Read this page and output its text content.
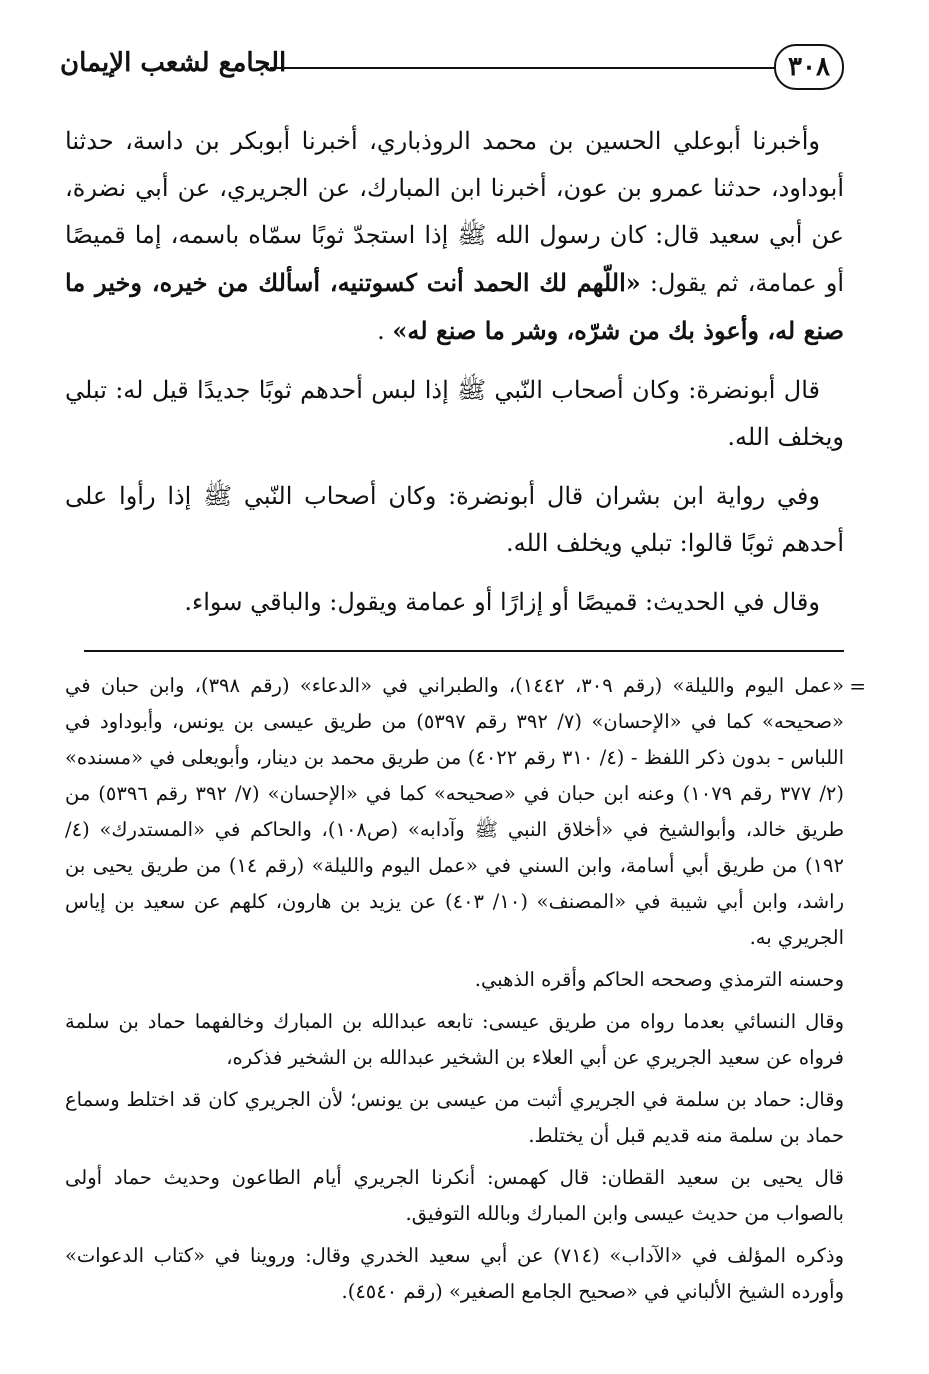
٣٠٨
الجامع لشعب الإيمان

وأخبرنا أبوعلي الحسين بن محمد الروذباري، أخبرنا أبوبكر بن داسة، حدثنا أبوداود، حدثنا عمرو بن عون، أخبرنا ابن المبارك، عن الجريري، عن أبي نضرة، عن أبي سعيد قال: كان رسول الله ﷺ إذا استجدّ ثوبًا سمّاه باسمه، إما قميصًا أو عمامة، ثم يقول: «اللّهم لك الحمد أنت كسوتنيه، أسألك من خيره، وخير ما صنع له، وأعوذ بك من شرّه، وشر ما صنع له» .

قال أبونضرة: وكان أصحاب النّبي ﷺ إذا لبس أحدهم ثوبًا جديدًا قيل له: تبلي ويخلف الله.

وفي رواية ابن بشران قال أبونضرة: وكان أصحاب النّبي ﷺ إذا رأوا على أحدهم ثوبًا قالوا: تبلي ويخلف الله.

وقال في الحديث: قميصًا أو إزارًا أو عمامة ويقول: والباقي سواء.

=
«عمل اليوم والليلة» (رقم ٣٠٩، ١٤٤٢)، والطبراني في «الدعاء» (رقم ٣٩٨)، وابن حبان في «صحيحه» كما في «الإحسان» (٧/ ٣٩٢ رقم ٥٣٩٧) من طريق عيسى بن يونس، وأبوداود في اللباس - بدون ذكر اللفظ - (٤/ ٣١٠ رقم ٤٠٢٢) من طريق محمد بن دينار، وأبويعلى في «مسنده» (٢/ ٣٧٧ رقم ١٠٧٩) وعنه ابن حبان في «صحيحه» كما في «الإحسان» (٧/ ٣٩٢ رقم ٥٣٩٦) من طريق خالد، وأبوالشيخ في «أخلاق النبي ﷺ وآدابه» (ص١٠٨)، والحاكم في «المستدرك» (٤/ ١٩٢) من طريق أبي أسامة، وابن السني في «عمل اليوم والليلة» (رقم ١٤) من طريق يحيى بن راشد، وابن أبي شيبة في «المصنف» (١٠/ ٤٠٣) عن يزيد بن هارون، كلهم عن سعيد بن إياس الجريري به.

وحسنه الترمذي وصححه الحاكم وأقره الذهبي.

وقال النسائي بعدما رواه من طريق عيسى: تابعه عبدالله بن المبارك وخالفهما حماد بن سلمة فرواه عن سعيد الجريري عن أبي العلاء بن الشخير عبدالله بن الشخير فذكره،

وقال: حماد بن سلمة في الجريري أثبت من عيسى بن يونس؛ لأن الجريري كان قد اختلط وسماع حماد بن سلمة منه قديم قبل أن يختلط.

قال يحيى بن سعيد القطان: قال كهمس: أنكرنا الجريري أيام الطاعون وحديث حماد أولى بالصواب من حديث عيسى وابن المبارك وبالله التوفيق.

وذكره المؤلف في «الآداب» (٧١٤) عن أبي سعيد الخدري وقال: وروينا في «كتاب الدعوات» وأورده الشيخ الألباني في «صحيح الجامع الصغير» (رقم ٤٥٤٠).
